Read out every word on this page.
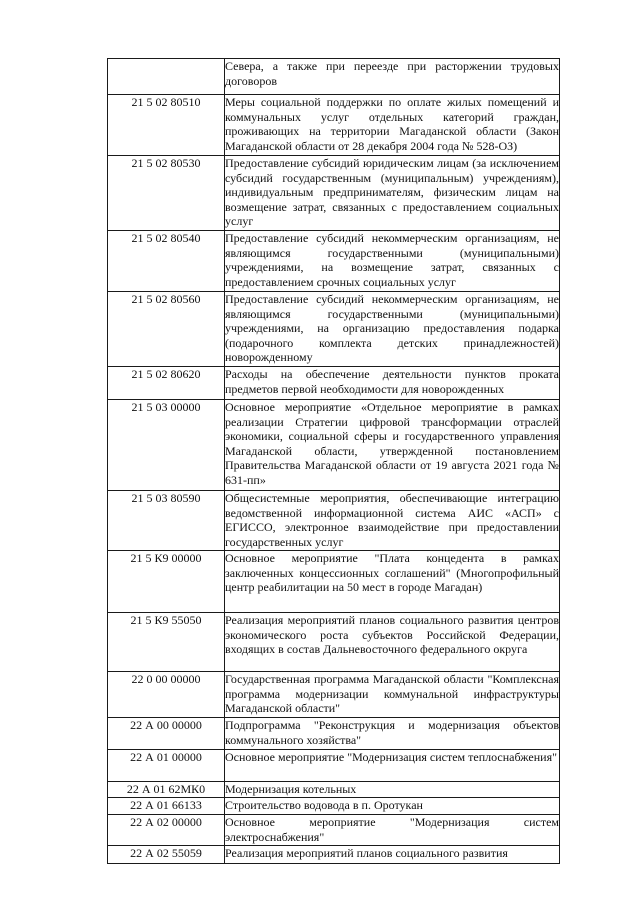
	Севера, а также при переезде при расторжении трудовых договоров
21 5 02 80510	Меры социальной поддержки по оплате жилых помещений и коммунальных услуг отдельных категорий граждан, проживающих на территории Магаданской области (Закон Магаданской области от 28 декабря 2004 года № 528-ОЗ)
21 5 02 80530	Предоставление субсидий юридическим лицам (за исключением субсидий государственным (муниципальным) учреждениям), индивидуальным предпринимателям, физическим лицам на возмещение затрат, связанных с предоставлением социальных услуг
21 5 02 80540	Предоставление субсидий некоммерческим организациям, не являющимся государственными (муниципальными) учреждениями, на возмещение затрат, связанных с предоставлением срочных социальных услуг
21 5 02 80560	Предоставление субсидий некоммерческим организациям, не являющимся государственными (муниципальными) учреждениями, на организацию предоставления подарка (подарочного комплекта детских принадлежностей) новорожденному
21 5 02 80620	Расходы на обеспечение деятельности пунктов проката предметов первой необходимости для новорожденных
21 5 03 00000	Основное мероприятие «Отдельное мероприятие в рамках реализации Стратегии цифровой трансформации отраслей экономики, социальной сферы и государственного управления Магаданской области, утвержденной постановлением Правительства Магаданской области от 19 августа 2021 года № 631-пп»
21 5 03 80590	Общесистемные мероприятия, обеспечивающие интеграцию ведомственной информационной система АИС «АСП» с ЕГИССО, электронное взаимодействие при предоставлении государственных услуг
21 5 К9 00000	Основное мероприятие "Плата концедента в рамках заключенных концессионных соглашений" (Многопрофильный центр реабилитации на 50 мест в городе Магадан)
21 5 К9 55050	Реализация мероприятий планов социального развития центров экономического роста субъектов Российской Федерации, входящих в состав Дальневосточного федерального округа
22 0 00 00000	Государственная программа Магаданской области "Комплексная программа модернизации коммунальной инфраструктуры Магаданской области"
22 А 00 00000	Подпрограмма "Реконструкция и модернизация объектов коммунального хозяйства"
22 А 01 00000	Основное мероприятие "Модернизация систем теплоснабжения"
22 А 01 62МК0	Модернизация котельных
22 А 01 66133	Строительство водовода в п. Оротукан
22 А 02 00000	Основное мероприятие "Модернизация систем электроснабжения"
22 А 02 55059	Реализация мероприятий планов социального развития
